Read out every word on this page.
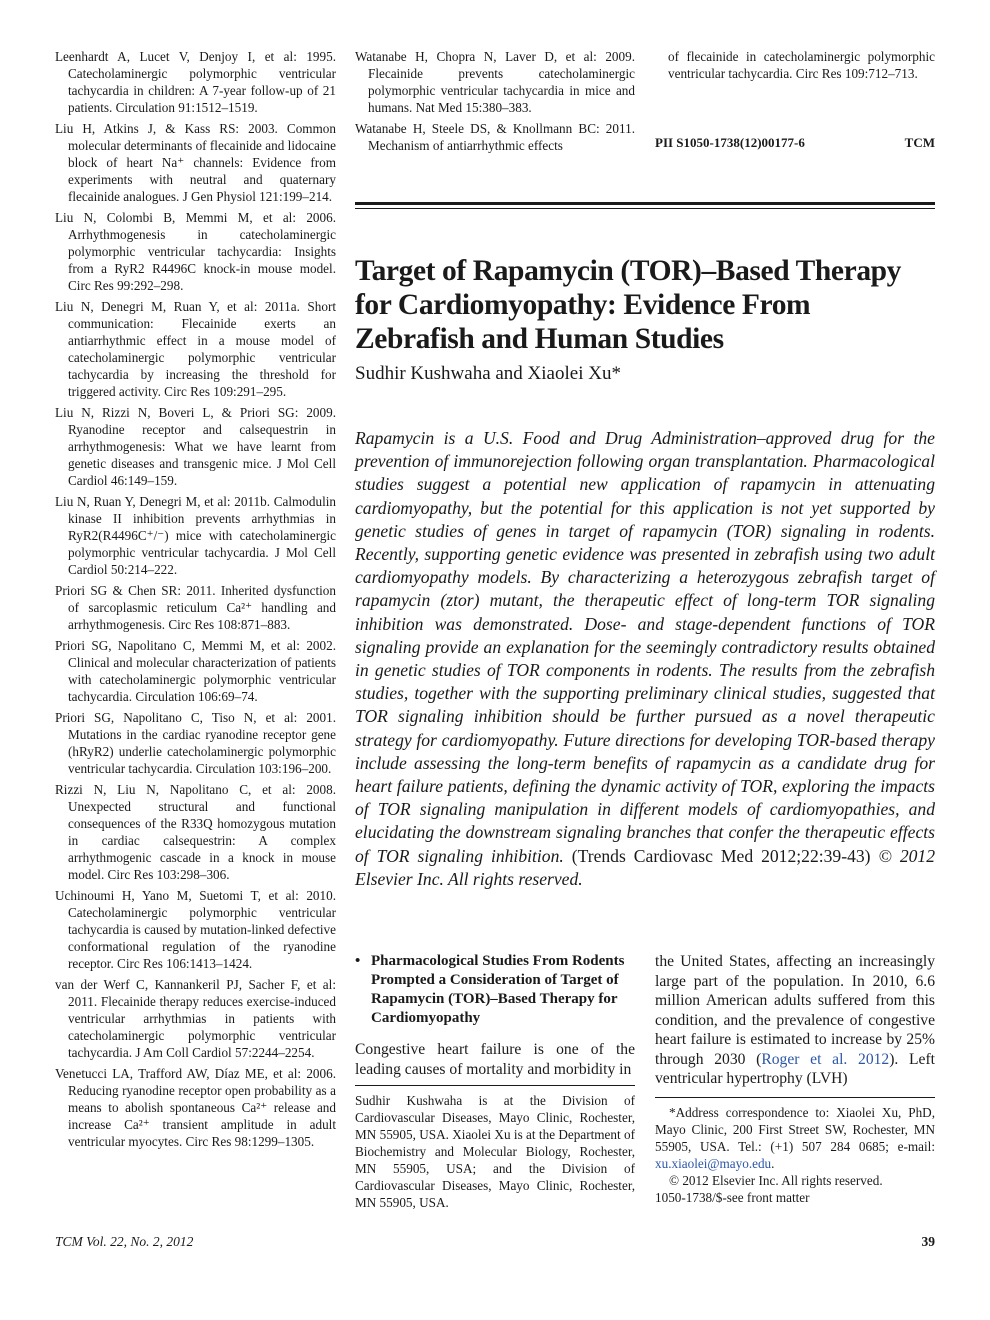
Leenhardt A, Lucet V, Denjoy I, et al: 1995. Catecholaminergic polymorphic ventricular tachycardia in children: A 7-year follow-up of 21 patients. Circulation 91:1512–1519.

Liu H, Atkins J, & Kass RS: 2003. Common molecular determinants of flecainide and lidocaine block of heart Na⁺ channels: Evidence from experiments with neutral and quaternary flecainide analogues. J Gen Physiol 121:199–214.

Liu N, Colombi B, Memmi M, et al: 2006. Arrhythmogenesis in catecholaminergic polymorphic ventricular tachycardia: Insights from a RyR2 R4496C knock-in mouse model. Circ Res 99:292–298.

Liu N, Denegri M, Ruan Y, et al: 2011a. Short communication: Flecainide exerts an antiarrhythmic effect in a mouse model of catecholaminergic polymorphic ventricular tachycardia by increasing the threshold for triggered activity. Circ Res 109:291–295.

Liu N, Rizzi N, Boveri L, & Priori SG: 2009. Ryanodine receptor and calsequestrin in arrhythmogenesis: What we have learnt from genetic diseases and transgenic mice. J Mol Cell Cardiol 46:149–159.

Liu N, Ruan Y, Denegri M, et al: 2011b. Calmodulin kinase II inhibition prevents arrhythmias in RyR2(R4496C⁺/⁻) mice with catecholaminergic polymorphic ventricular tachycardia. J Mol Cell Cardiol 50:214–222.

Priori SG & Chen SR: 2011. Inherited dysfunction of sarcoplasmic reticulum Ca²⁺ handling and arrhythmogenesis. Circ Res 108:871–883.

Priori SG, Napolitano C, Memmi M, et al: 2002. Clinical and molecular characterization of patients with catecholaminergic polymorphic ventricular tachycardia. Circulation 106:69–74.

Priori SG, Napolitano C, Tiso N, et al: 2001. Mutations in the cardiac ryanodine receptor gene (hRyR2) underlie catecholaminergic polymorphic ventricular tachycardia. Circulation 103:196–200.

Rizzi N, Liu N, Napolitano C, et al: 2008. Unexpected structural and functional consequences of the R33Q homozygous mutation in cardiac calsequestrin: A complex arrhythmogenic cascade in a knock in mouse model. Circ Res 103:298–306.

Uchinoumi H, Yano M, Suetomi T, et al: 2010. Catecholaminergic polymorphic ventricular tachycardia is caused by mutation-linked defective conformational regulation of the ryanodine receptor. Circ Res 106:1413–1424.

van der Werf C, Kannankeril PJ, Sacher F, et al: 2011. Flecainide therapy reduces exercise-induced ventricular arrhythmias in patients with catecholaminergic polymorphic ventricular tachycardia. J Am Coll Cardiol 57:2244–2254.

Venetucci LA, Trafford AW, Díaz ME, et al: 2006. Reducing ryanodine receptor open probability as a means to abolish spontaneous Ca²⁺ release and increase Ca²⁺ transient amplitude in adult ventricular myocytes. Circ Res 98:1299–1305.

Watanabe H, Chopra N, Laver D, et al: 2009. Flecainide prevents catecholaminergic polymorphic ventricular tachycardia in mice and humans. Nat Med 15:380–383.

Watanabe H, Steele DS, & Knollmann BC: 2011. Mechanism of antiarrhythmic effects

of flecainide in catecholaminergic polymorphic ventricular tachycardia. Circ Res 109:712–713.

PII S1050-1738(12)00177-6	TCM
Target of Rapamycin (TOR)–Based Therapy for Cardiomyopathy: Evidence From Zebrafish and Human Studies

Sudhir Kushwaha and Xiaolei Xu*

Rapamycin is a U.S. Food and Drug Administration–approved drug for the prevention of immunorejection following organ transplantation. Pharmacological studies suggest a potential new application of rapamycin in attenuating cardiomyopathy, but the potential for this application is not yet supported by genetic studies of genes in target of rapamycin (TOR) signaling in rodents. Recently, supporting genetic evidence was presented in zebrafish using two adult cardiomyopathy models. By characterizing a heterozygous zebrafish target of rapamycin (ztor) mutant, the therapeutic effect of long-term TOR signaling inhibition was demonstrated. Dose- and stage-dependent functions of TOR signaling provide an explanation for the seemingly contradictory results obtained in genetic studies of TOR components in rodents. The results from the zebrafish studies, together with the supporting preliminary clinical studies, suggested that TOR signaling inhibition should be further pursued as a novel therapeutic strategy for cardiomyopathy. Future directions for developing TOR-based therapy include assessing the long-term benefits of rapamycin as a candidate drug for heart failure patients, defining the dynamic activity of TOR, exploring the impacts of TOR signaling manipulation in different models of cardiomyopathies, and elucidating the downstream signaling branches that confer the therapeutic effects of TOR signaling inhibition. (Trends Cardiovasc Med 2012;22:39-43) © 2012 Elsevier Inc. All rights reserved.

• Pharmacological Studies From Rodents Prompted a Consideration of Target of Rapamycin (TOR)–Based Therapy for Cardiomyopathy

Congestive heart failure is one of the leading causes of mortality and morbidity in

Sudhir Kushwaha is at the Division of Cardiovascular Diseases, Mayo Clinic, Rochester, MN 55905, USA. Xiaolei Xu is at the Department of Biochemistry and Molecular Biology, Rochester, MN 55905, USA; and the Division of Cardiovascular Diseases, Mayo Clinic, Rochester, MN 55905, USA.

the United States, affecting an increasingly large part of the population. In 2010, 6.6 million American adults suffered from this condition, and the prevalence of congestive heart failure is estimated to increase by 25% through 2030 (Roger et al. 2012). Left ventricular hypertrophy (LVH)

*Address correspondence to: Xiaolei Xu, PhD, Mayo Clinic, 200 First Street SW, Rochester, MN 55905, USA. Tel.: (+1) 507 284 0685; e-mail: xu.xiaolei@mayo.edu.

© 2012 Elsevier Inc. All rights reserved.

1050-1738/$-see front matter

TCM Vol. 22, No. 2, 2012	39
